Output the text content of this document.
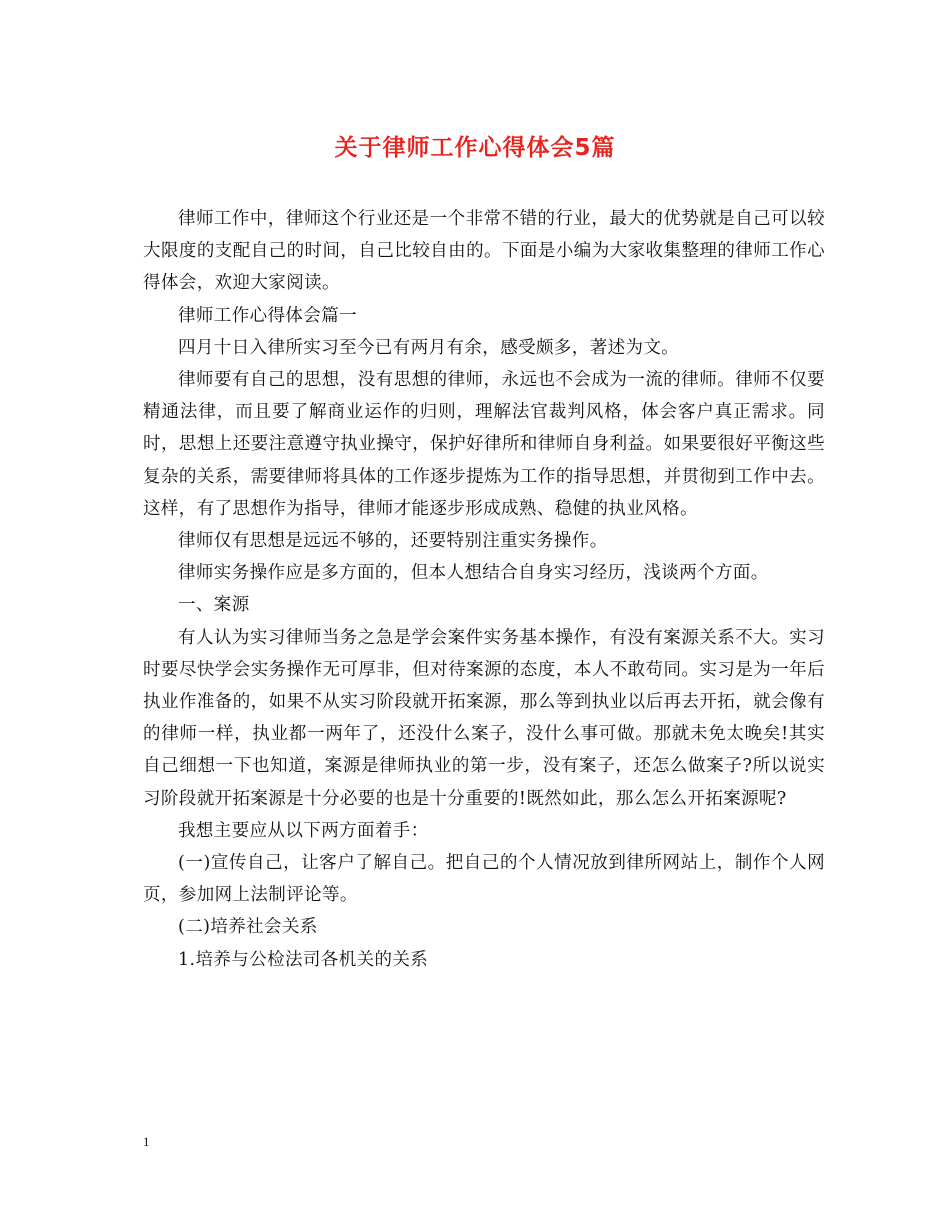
关于律师工作心得体会5篇

律师工作中，律师这个行业还是一个非常不错的行业，最大的优势就是自己可以较大限度的支配自己的时间，自己比较自由的。下面是小编为大家收集整理的律师工作心得体会，欢迎大家阅读。

律师工作心得体会篇一

四月十日入律所实习至今已有两月有余，感受颇多，著述为文。

律师要有自己的思想，没有思想的律师，永远也不会成为一流的律师。律师不仅要精通法律，而且要了解商业运作的归则，理解法官裁判风格，体会客户真正需求。同时，思想上还要注意遵守执业操守，保护好律所和律师自身利益。如果要很好平衡这些复杂的关系，需要律师将具体的工作逐步提炼为工作的指导思想，并贯彻到工作中去。这样，有了思想作为指导，律师才能逐步形成成熟、稳健的执业风格。

律师仅有思想是远远不够的，还要特别注重实务操作。

律师实务操作应是多方面的，但本人想结合自身实习经历，浅谈两个方面。

一、案源

有人认为实习律师当务之急是学会案件实务基本操作，有没有案源关系不大。实习时要尽快学会实务操作无可厚非，但对待案源的态度，本人不敢苟同。实习是为一年后执业作准备的，如果不从实习阶段就开拓案源，那么等到执业以后再去开拓，就会像有的律师一样，执业都一两年了，还没什么案子，没什么事可做。那就未免太晚矣!其实自己细想一下也知道，案源是律师执业的第一步，没有案子，还怎么做案子?所以说实习阶段就开拓案源是十分必要的也是十分重要的!既然如此，那么怎么开拓案源呢?

我想主要应从以下两方面着手：

(一)宣传自己，让客户了解自己。把自己的个人情况放到律所网站上，制作个人网页，参加网上法制评论等。

(二)培养社会关系

1.培养与公检法司各机关的关系

1
